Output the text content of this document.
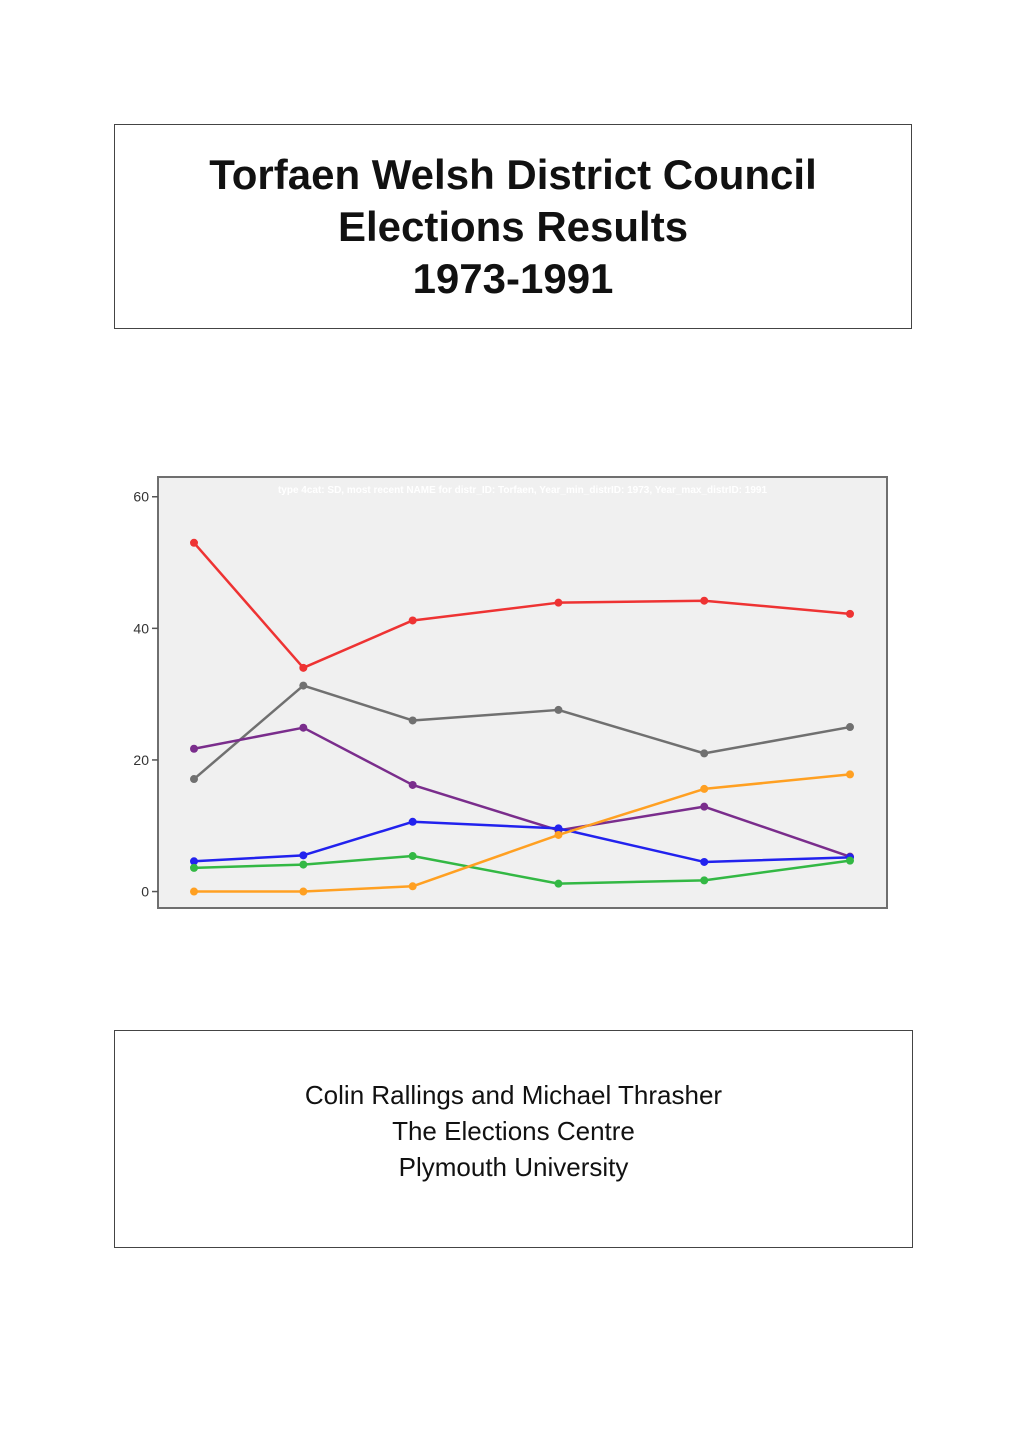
Torfaen Welsh District Council
Elections Results
1973-1991
type 4cat: SD, most recent NAME for distr_ID: Torfaen, Year_min_distrID: 1973, Year_max_distrID: 1991
0
20
40
60
Colin Rallings and Michael Thrasher
The Elections Centre
Plymouth University
